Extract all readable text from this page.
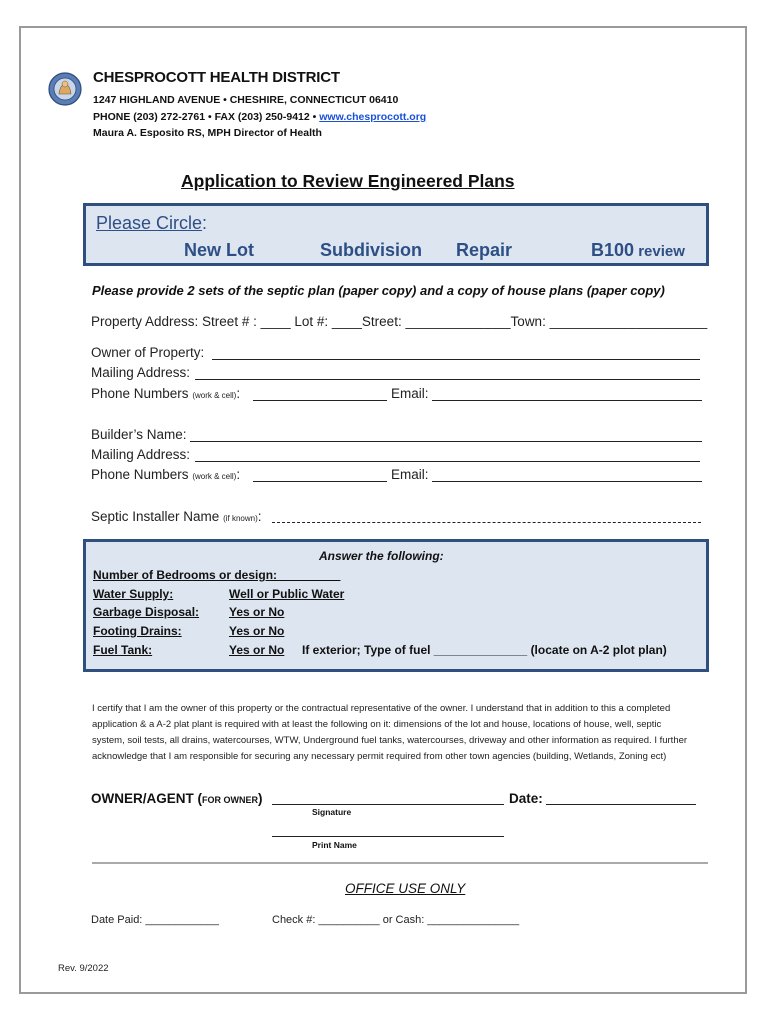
CHESPROCOTT HEALTH DISTRICT
1247 HIGHLAND AVENUE • CHESHIRE, CONNECTICUT 06410
PHONE (203) 272-2761 • FAX (203) 250-9412 • www.chesprocott.org
Maura A. Esposito RS, MPH Director of Health
Application to Review Engineered Plans
Please Circle:
New Lot	Subdivision Repair	B100 review
Please provide 2 sets of the septic plan (paper copy) and a copy of house plans (paper copy)
Property Address: Street # : ____ Lot #: ____Street: ______________Town: _____________________
Owner of Property:
Mailing Address:
Phone Numbers (work & cell):	Email:
Builder’s Name:
Mailing Address:
Phone Numbers (work & cell):	Email:
Septic Installer Name (if known):
Answer the following:
Number of Bedrooms or design: _________
Water Supply:	Well or Public Water
Garbage Disposal:	Yes or No
Footing Drains:	Yes or No
Fuel Tank:	Yes or No If exterior; Type of fuel ______________ (locate on A-2 plot plan)
I certify that I am the owner of this property or the contractual representative of the owner. I understand that in addition to this a completed application & a A-2 plat plant is required with at least the following on it: dimensions of the lot and house, locations of house, well, septic system, soil tests, all drains, watercourses, WTW, Underground fuel tanks, watercourses, driveway and other information as required. I further acknowledge that I am responsible for securing any necessary permit required from other town agencies (building, Wetlands, Zoning ect)
OWNER/AGENT (FOR OWNER)	Date:
Signature
Print Name
OFFICE USE ONLY
Date Paid: ____________	Check #: __________ or Cash: _______________
Rev. 9/2022
